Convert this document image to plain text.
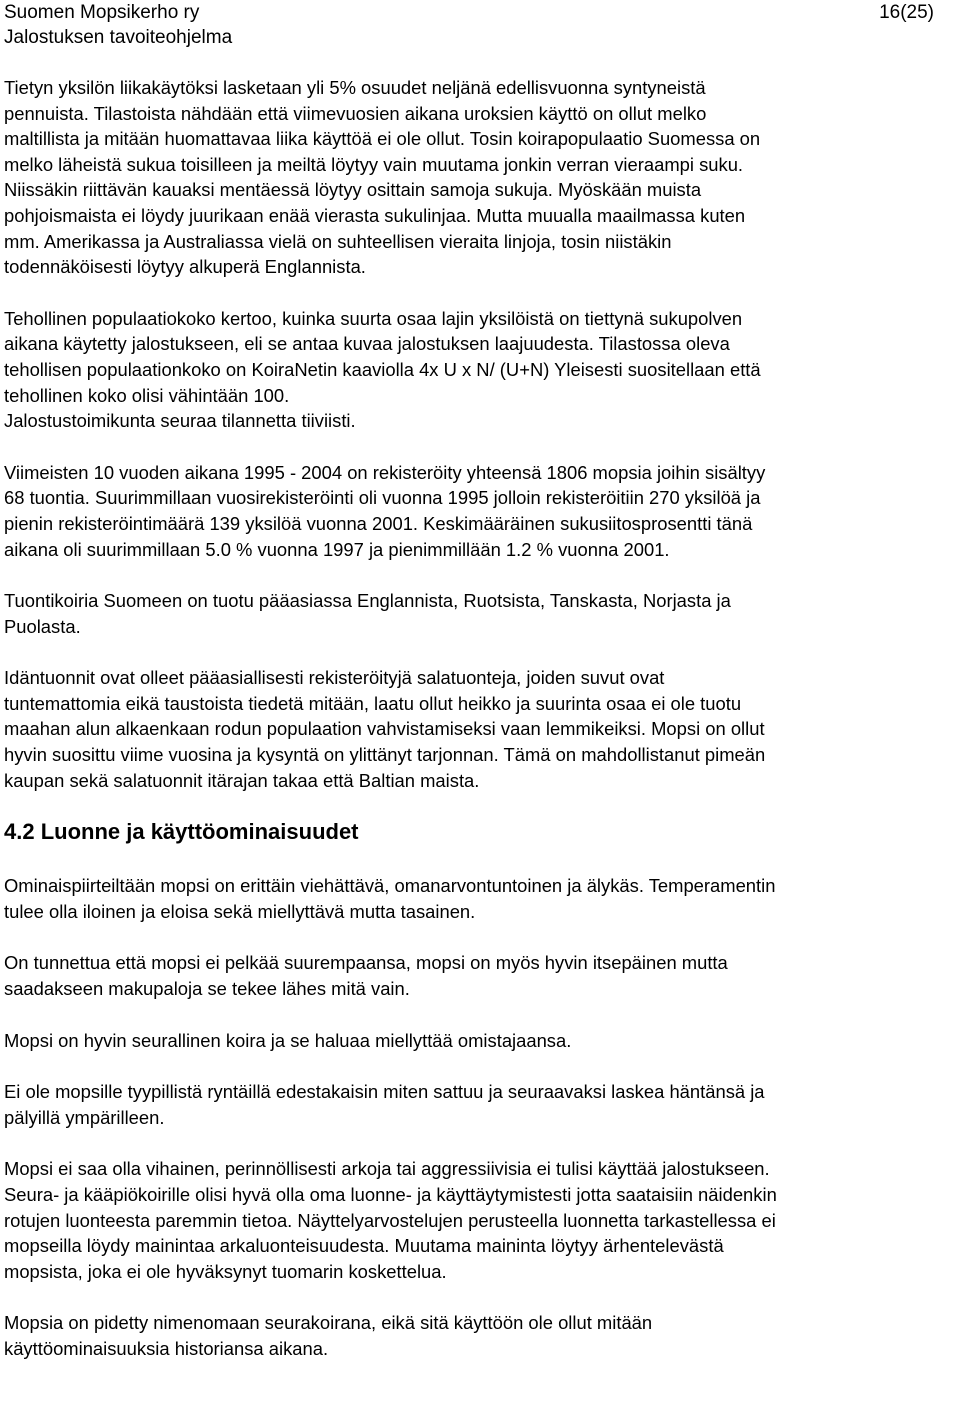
Suomen Mopsikerho ry
Jalostuksen tavoiteohjelma
16(25)

Tietyn yksilön liikakäytöksi lasketaan yli 5% osuudet neljänä edellisvuonna syntyneistä
pennuista. Tilastoista nähdään että viimevuosien aikana uroksien käyttö on ollut melko
maltillista ja mitään huomattavaa liika käyttöä ei ole ollut. Tosin koirapopulaatio Suomessa on
melko läheistä sukua toisilleen ja meiltä löytyy vain muutama jonkin verran vieraampi suku.
Niissäkin riittävän kauaksi mentäessä löytyy osittain samoja sukuja. Myöskään muista
pohjoismaista ei löydy juurikaan enää vierasta sukulinjaa. Mutta muualla maailmassa kuten
mm. Amerikassa ja Australiassa vielä on suhteellisen vieraita linjoja, tosin niistäkin
todennäköisesti löytyy alkuperä Englannista.

Tehollinen populaatiokoko kertoo, kuinka suurta osaa lajin yksilöistä on tiettynä sukupolven
aikana käytetty jalostukseen, eli se antaa kuvaa jalostuksen laajuudesta. Tilastossa oleva
tehollisen populaationkoko on KoiraNetin kaaviolla 4x U x N/ (U+N) Yleisesti suositellaan että
tehollinen koko olisi vähintään 100.
Jalostustoimikunta seuraa tilannetta tiiviisti.

Viimeisten 10 vuoden aikana 1995 - 2004 on rekisteröity yhteensä 1806 mopsia joihin sisältyy
68 tuontia. Suurimmillaan vuosirekisteröinti oli vuonna 1995 jolloin rekisteröitiin 270 yksilöä ja
pienin rekisteröintimäärä 139 yksilöä vuonna 2001. Keskimääräinen sukusiitosprosentti tänä
aikana oli suurimmillaan 5.0 % vuonna 1997 ja pienimmillään 1.2 % vuonna 2001.

Tuontikoiria Suomeen on tuotu pääasiassa Englannista, Ruotsista, Tanskasta, Norjasta ja
Puolasta.

Idäntuonnit ovat olleet pääasiallisesti rekisteröityjä salatuonteja, joiden suvut ovat
tuntemattomia eikä taustoista tiedetä mitään, laatu ollut heikko ja suurinta osaa ei ole tuotu
maahan alun alkaenkaan rodun populaation vahvistamiseksi vaan lemmikeiksi. Mopsi on ollut
hyvin suosittu viime vuosina ja kysyntä on ylittänyt tarjonnan. Tämä on mahdollistanut pimeän
kaupan sekä salatuonnit itärajan takaa että Baltian maista.

4.2 Luonne ja käyttöominaisuudet

Ominaispiirteiltään mopsi on erittäin viehättävä, omanarvontuntoinen ja älykäs. Temperamentin
tulee olla iloinen ja eloisa sekä miellyttävä mutta tasainen.

On tunnettua että mopsi ei pelkää suurempaansa, mopsi on myös hyvin itsepäinen mutta
saadakseen makupaloja se tekee lähes mitä vain.

Mopsi on hyvin seurallinen koira ja se haluaa miellyttää omistajaansa.

Ei ole mopsille tyypillistä ryntäillä edestakaisin miten sattuu ja seuraavaksi laskea häntänsä ja
pälyillä ympärilleen.

Mopsi ei saa olla vihainen, perinnöllisesti arkoja tai aggressiivisia ei tulisi käyttää jalostukseen.
Seura- ja kääpiökoirille olisi hyvä olla oma luonne- ja käyttäytymistesti jotta saataisiin näidenkin
rotujen luonteesta paremmin tietoa. Näyttelyarvostelujen perusteella luonnetta tarkastellessa ei
mopseilla löydy mainintaa arkaluonteisuudesta. Muutama maininta löytyy ärhentelevästä
mopsista, joka ei ole hyväksynyt tuomarin koskettelua.

Mopsia on pidetty nimenomaan seurakoirana, eikä sitä käyttöön ole ollut mitään
käyttöominaisuuksia historiansa aikana.
